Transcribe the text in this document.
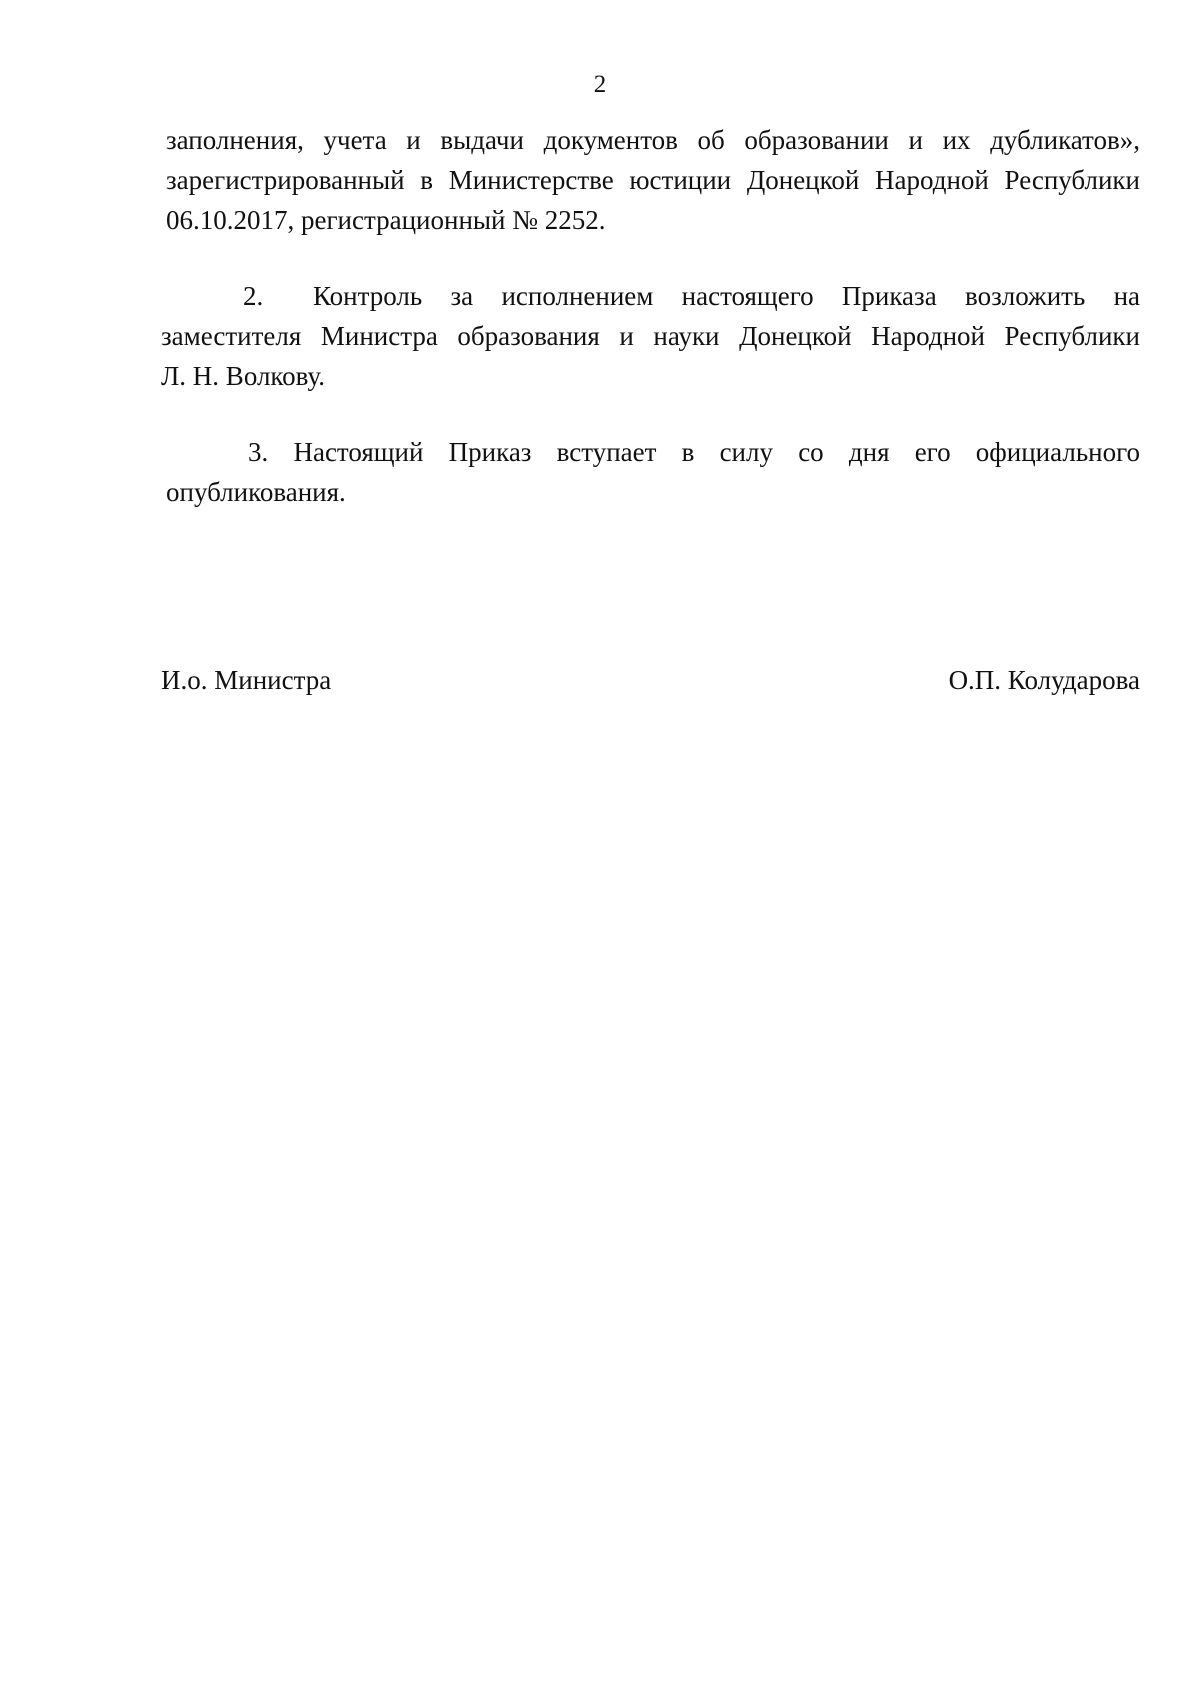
2

заполнения, учета и выдачи документов об образовании и их дубликатов»,
зарегистрированный в Министерстве юстиции Донецкой Народной Республики
06.10.2017, регистрационный № 2252.

2. Контроль за исполнением настоящего Приказа возложить на
заместителя Министра образования и науки Донецкой Народной Республики
Л. Н. Волкову.

3. Настоящий Приказ вступает в силу со дня его официального
опубликования.

И.о. Министра	О.П. Колударова
